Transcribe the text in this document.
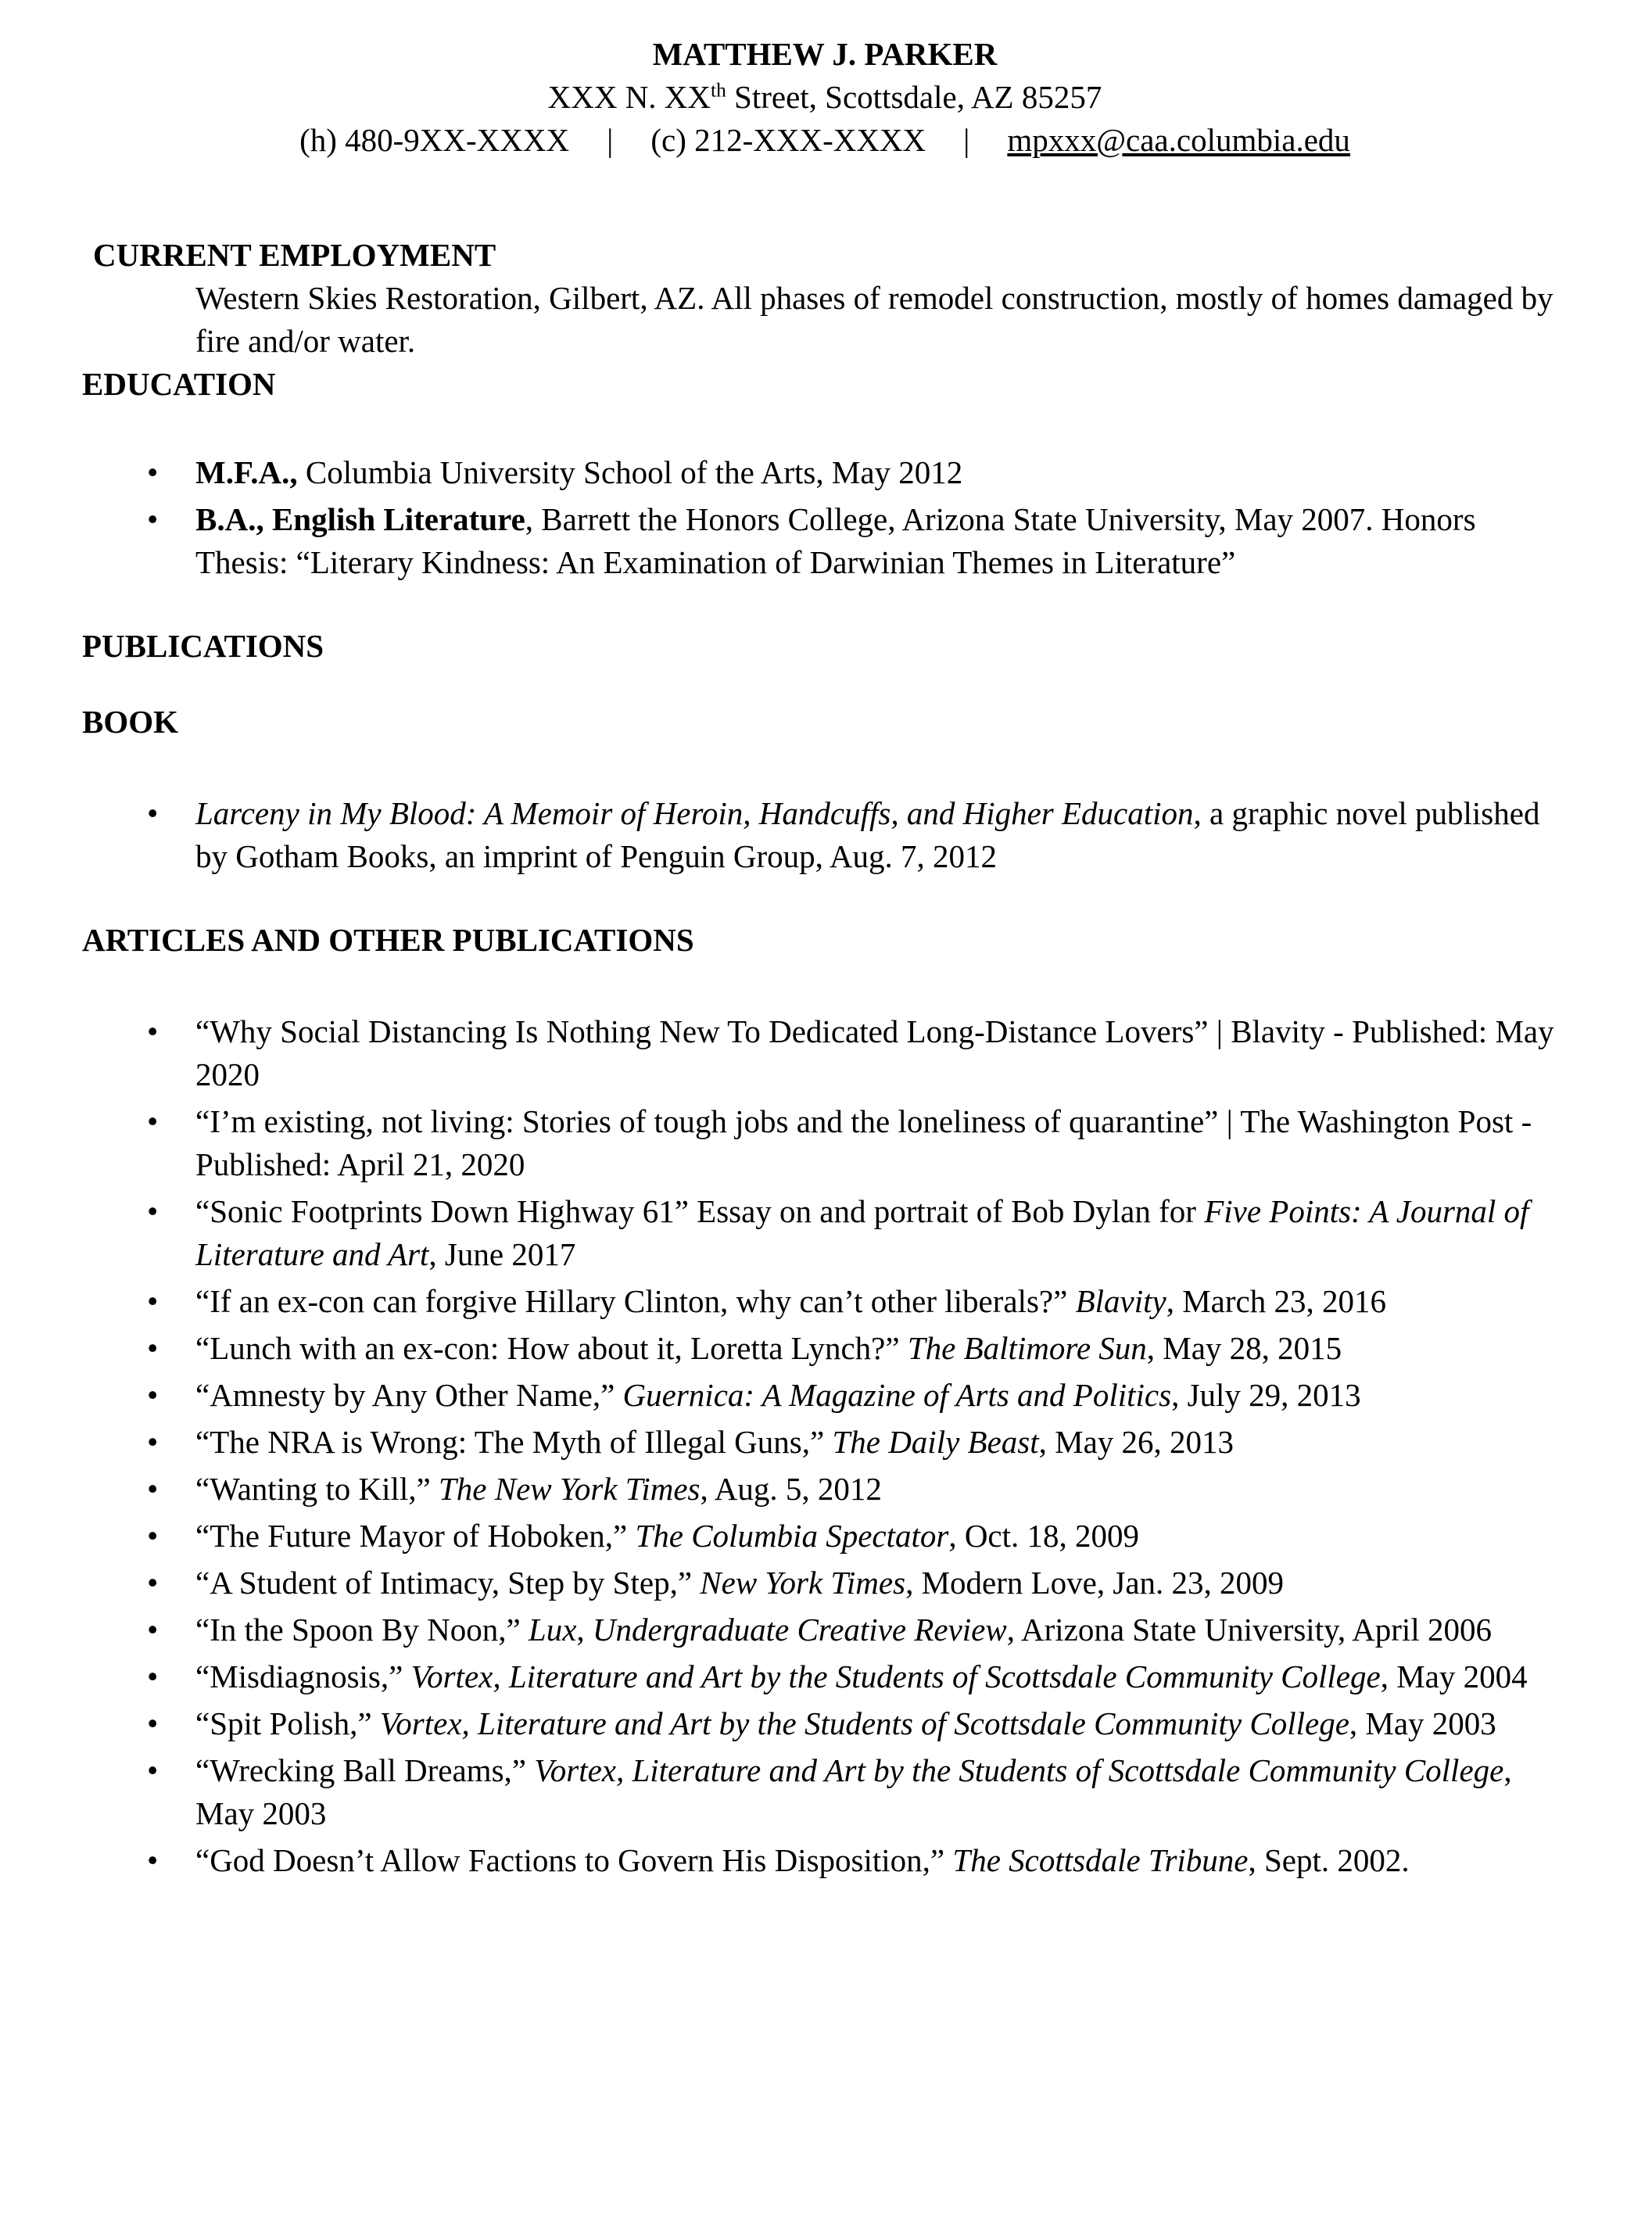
MATTHEW J. PARKER
XXX N. XXth Street, Scottsdale, AZ 85257
(h) 480-9XX-XXXX | (c) 212-XXX-XXXX | mpxxx@caa.columbia.edu
CURRENT EMPLOYMENT

Western Skies Restoration, Gilbert, AZ. All phases of remodel construction, mostly of homes damaged by fire and/or water.

EDUCATION
• M.F.A., Columbia University School of the Arts, May 2012
• B.A., English Literature, Barrett the Honors College, Arizona State University, May 2007. Honors Thesis: “Literary Kindness: An Examination of Darwinian Themes in Literature”
PUBLICATIONS
BOOK
• Larceny in My Blood: A Memoir of Heroin, Handcuffs, and Higher Education, a graphic novel published by Gotham Books, an imprint of Penguin Group, Aug. 7, 2012
ARTICLES AND OTHER PUBLICATIONS
• “Why Social Distancing Is Nothing New To Dedicated Long-Distance Lovers” | Blavity - Published: May 2020
• “I’m existing, not living: Stories of tough jobs and the loneliness of quarantine” | The Washington Post - Published: April 21, 2020
• “Sonic Footprints Down Highway 61” Essay on and portrait of Bob Dylan for Five Points: A Journal of Literature and Art, June 2017
• “If an ex-con can forgive Hillary Clinton, why can’t other liberals?” Blavity, March 23, 2016
• “Lunch with an ex-con: How about it, Loretta Lynch?” The Baltimore Sun, May 28, 2015
• “Amnesty by Any Other Name,” Guernica: A Magazine of Arts and Politics, July 29, 2013
• “The NRA is Wrong: The Myth of Illegal Guns,” The Daily Beast, May 26, 2013
• “Wanting to Kill,” The New York Times, Aug. 5, 2012
• “The Future Mayor of Hoboken,” The Columbia Spectator, Oct. 18, 2009
• “A Student of Intimacy, Step by Step,” New York Times, Modern Love, Jan. 23, 2009
• “In the Spoon By Noon,” Lux, Undergraduate Creative Review, Arizona State University, April 2006
• “Misdiagnosis,” Vortex, Literature and Art by the Students of Scottsdale Community College, May 2004
• “Spit Polish,” Vortex, Literature and Art by the Students of Scottsdale Community College, May 2003
• “Wrecking Ball Dreams,” Vortex, Literature and Art by the Students of Scottsdale Community College, May 2003
• “God Doesn’t Allow Factions to Govern His Disposition,” The Scottsdale Tribune, Sept. 2002.
